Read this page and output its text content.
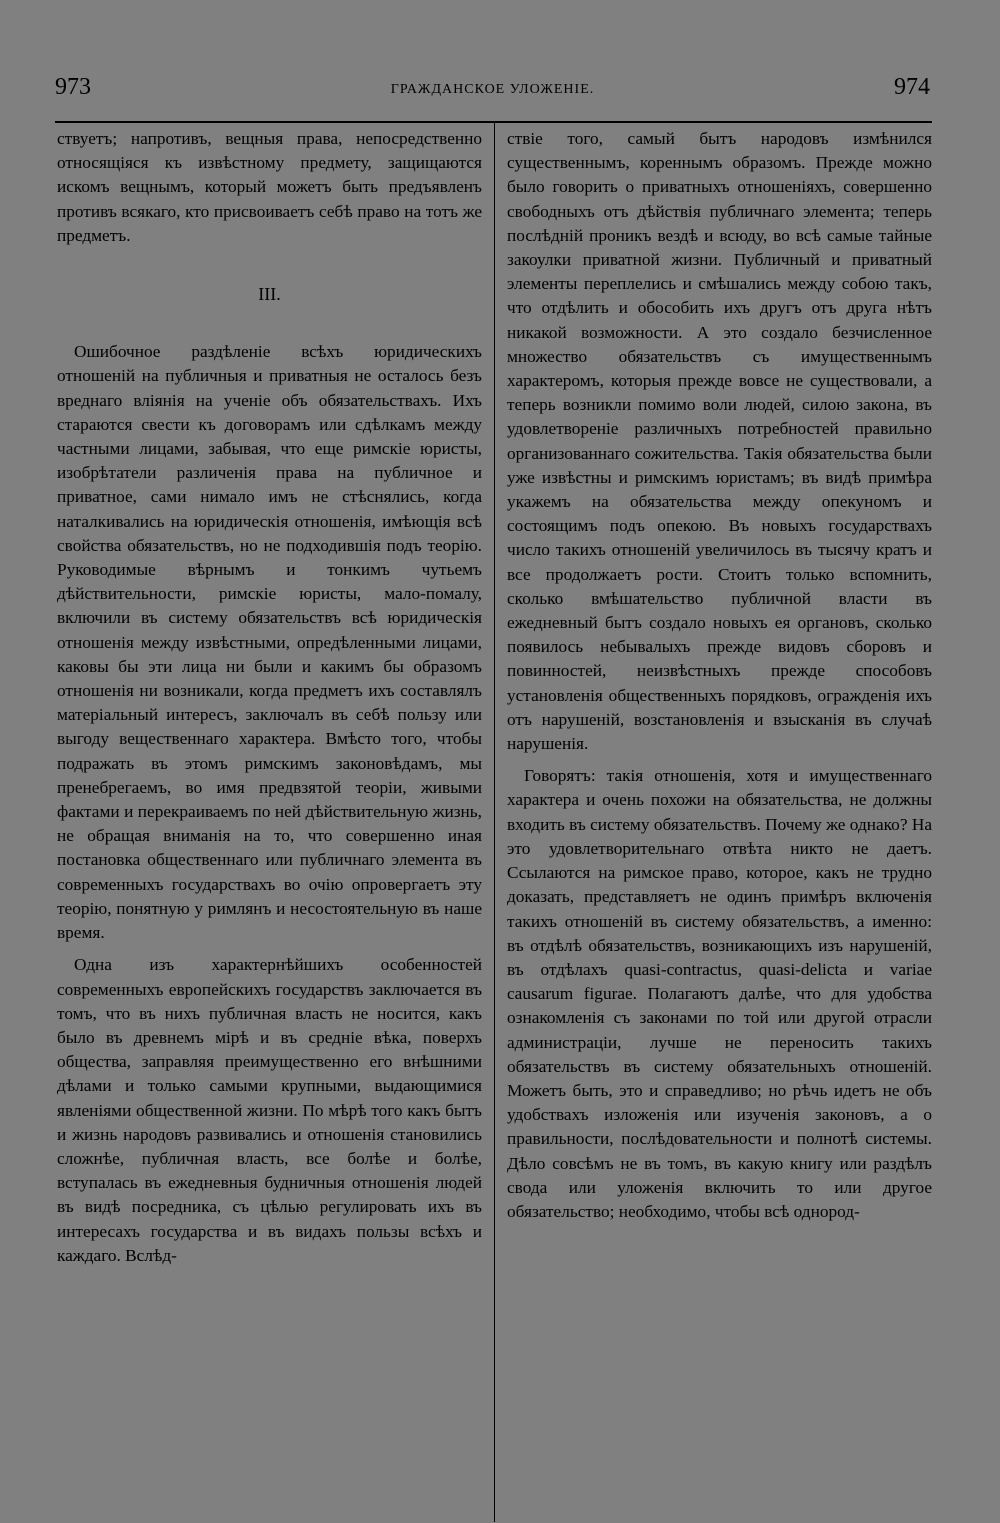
973	ГРАЖДАНСКОЕ УЛОЖЕНІЕ.	974

ствуетъ; напротивъ, вещныя права, непосредственно относящіяся къ извѣстному предмету, защищаются искомъ вещнымъ, который можетъ быть предъявленъ противъ всякаго, кто присвоиваетъ себѣ право на тотъ же предметъ.

III.

Ошибочное раздѣленіе всѣхъ юридическихъ отношеній на публичныя и приватныя не осталось безъ вреднаго вліянія на ученіе объ обязательствахъ. Ихъ стараются свести къ договорамъ или сдѣлкамъ между частными лицами, забывая, что еще римскіе юристы, изобрѣтатели различенія права на публичное и приватное, сами нимало имъ не стѣснялись, когда наталкивались на юридическія отношенія, имѣющія всѣ свойства обязательствъ, но не подходившія подъ теорію. Руководимые вѣрнымъ и тонкимъ чутьемъ дѣйствительности, римскіе юристы, мало-помалу, включили въ систему обязательствъ всѣ юридическія отношенія между извѣстными, опредѣленными лицами, каковы бы эти лица ни были и какимъ бы образомъ отношенія ни возникали, когда предметъ ихъ составлялъ матеріальный интересъ, заключалъ въ себѣ пользу или выгоду вещественнаго характера. Вмѣсто того, чтобы подражать въ этомъ римскимъ законовѣдамъ, мы пренебрегаемъ, во имя предвзятой теоріи, живыми фактами и перекраиваемъ по ней дѣйствительную жизнь, не обращая вниманія на то, что совершенно иная постановка общественнаго или публичнаго элемента въ современныхъ государствахъ во очію опровергаетъ эту теорію, понятную у римлянъ и несостоятельную въ наше время.

Одна изъ характернѣйшихъ особенностей современныхъ европейскихъ государствъ заключается въ томъ, что въ нихъ публичная власть не носится, какъ было въ древнемъ мірѣ и въ средніе вѣка, поверхъ общества, заправляя преимущественно его внѣшними дѣлами и только самыми крупными, выдающимися явленіями общественной жизни. По мѣрѣ того какъ бытъ и жизнь народовъ развивались и отношенія становились сложнѣе, публичная власть, все болѣе и болѣе, вступалась въ ежедневныя будничныя отношенія людей въ видѣ посредника, съ цѣлью регулировать ихъ въ интересахъ государства и въ видахъ пользы всѣхъ и каждаго. Вслѣд-

ствіе того, самый бытъ народовъ измѣнился существеннымъ, кореннымъ образомъ. Прежде можно было говорить о приватныхъ отношеніяхъ, совершенно свободныхъ отъ дѣйствія публичнаго элемента; теперь послѣдній проникъ вездѣ и всюду, во всѣ самые тайные закоулки приватной жизни. Публичный и приватный элементы переплелись и смѣшались между собою такъ, что отдѣлить и обособить ихъ другъ отъ друга нѣтъ никакой возможности. А это создало безчисленное множество обязательствъ съ имущественнымъ характеромъ, которыя прежде вовсе не существовали, а теперь возникли помимо воли людей, силою закона, въ удовлетвореніе различныхъ потребностей правильно организованнаго сожительства. Такія обязательства были уже извѣстны и римскимъ юристамъ; въ видѣ примѣра укажемъ на обязательства между опекуномъ и состоящимъ подъ опекою. Въ новыхъ государствахъ число такихъ отношеній увеличилось въ тысячу кратъ и все продолжаетъ рости. Стоитъ только вспомнить, сколько вмѣшательство публичной власти въ ежедневный бытъ создало новыхъ ея органовъ, сколько появилось небывалыхъ прежде видовъ сборовъ и повинностей, неизвѣстныхъ прежде способовъ установленія общественныхъ порядковъ, огражденія ихъ отъ нарушеній, возстановленія и взысканія въ случаѣ нарушенія.

Говорятъ: такія отношенія, хотя и имущественнаго характера и очень похожи на обязательства, не должны входить въ систему обязательствъ. Почему же однако? На это удовлетворительнаго отвѣта никто не даетъ. Ссылаются на римское право, которое, какъ не трудно доказать, представляетъ не одинъ примѣръ включенія такихъ отношеній въ систему обязательствъ, а именно: въ отдѣлѣ обязательствъ, возникающихъ изъ нарушеній, въ отдѣлахъ quasi-contractus, quasi-delicta и variae causarum figurae. Полагаютъ далѣе, что для удобства ознакомленія съ законами по той или другой отрасли администраціи, лучше не переносить такихъ обязательствъ въ систему обязательныхъ отношеній. Можетъ быть, это и справедливо; но рѣчь идетъ не объ удобствахъ изложенія или изученія законовъ, а о правильности, послѣдовательности и полнотѣ системы. Дѣло совсѣмъ не въ томъ, въ какую книгу или раздѣлъ свода или уложенія включить то или другое обязательство; необходимо, чтобы всѣ однород-
